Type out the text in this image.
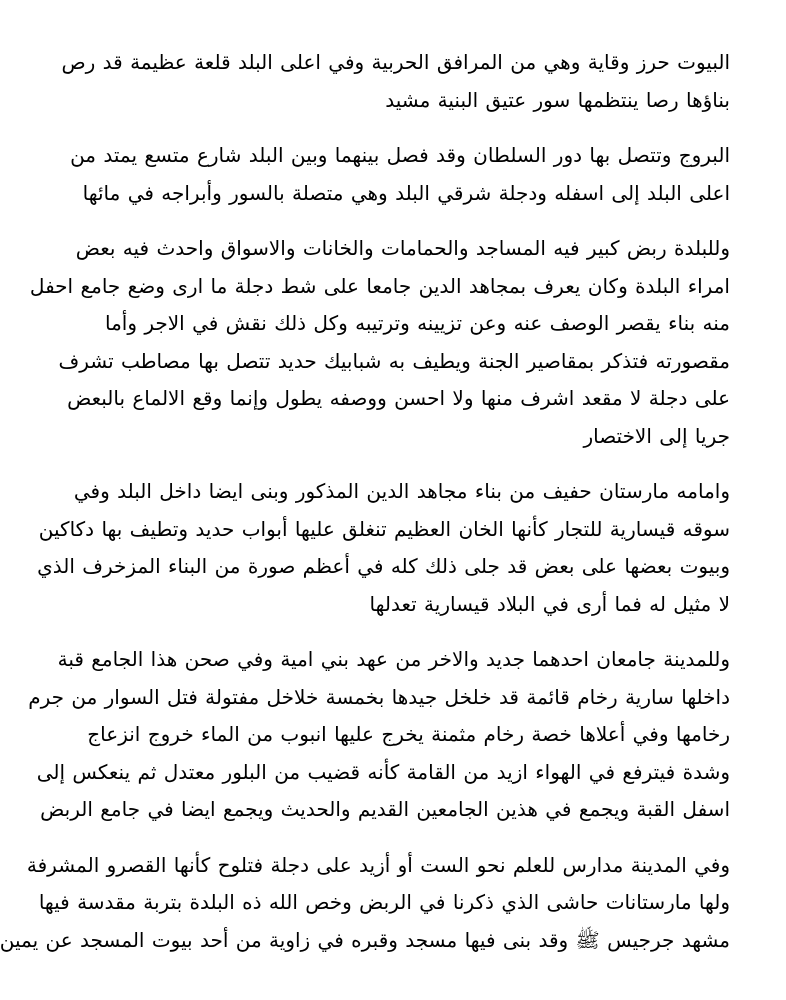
البيوت حرز وقاية وهي من المرافق الحربية وفي اعلى البلد قلعة عظيمة قد رص
بناؤها رصا ينتظمها سور عتيق البنية مشيد

البروج وتتصل بها دور السلطان وقد فصل بينهما وبين البلد شارع متسع يمتد من
اعلى البلد إلى اسفله ودجلة شرقي البلد وهي متصلة بالسور وأبراجه في مائها

وللبلدة ربض كبير فيه المساجد والحمامات والخانات والاسواق واحدث فيه بعض
امراء البلدة وكان يعرف بمجاهد الدين جامعا على شط دجلة ما ارى وضع جامع احفل
منه بناء يقصر الوصف عنه وعن تزيينه وترتيبه وكل ذلك نقش في الاجر وأما
مقصورته فتذكر بمقاصير الجنة ويطيف به شبابيك حديد تتصل بها مصاطب تشرف
على دجلة لا مقعد اشرف منها ولا احسن ووصفه يطول وإنما وقع الالماع بالبعض
جريا إلى الاختصار

وامامه مارستان حفيف من بناء مجاهد الدين المذكور وبنى ايضا داخل البلد وفي
سوقه قيسارية للتجار كأنها الخان العظيم تنغلق عليها أبواب حديد وتطيف بها دكاكين
وبيوت بعضها على بعض قد جلى ذلك كله في أعظم صورة من البناء المزخرف الذي
لا مثيل له فما أرى في البلاد قيسارية تعدلها

وللمدينة جامعان احدهما جديد والاخر من عهد بني امية وفي صحن هذا الجامع قبة
داخلها سارية رخام قائمة قد خلخل جيدها بخمسة خلاخل مفتولة فتل السوار من جرم
رخامها وفي أعلاها خصة رخام مثمنة يخرج عليها انبوب من الماء خروج انزعاج
وشدة فيترفع في الهواء ازيد من القامة كأنه قضيب من البلور معتدل ثم ينعكس إلى
اسفل القبة ويجمع في هذين الجامعين القديم والحديث ويجمع ايضا في جامع الربض

وفي المدينة مدارس للعلم نحو الست أو أزيد على دجلة فتلوح كأنها القصرو المشرفة
ولها مارستانات حاشى الذي ذكرنا في الربض وخص الله ذه البلدة بتربة مقدسة فيها
مشهد جرجيس ﷺ وقد بنى فيها مسجد وقبره في زاوية من أحد بيوت المسجد عن يمين
